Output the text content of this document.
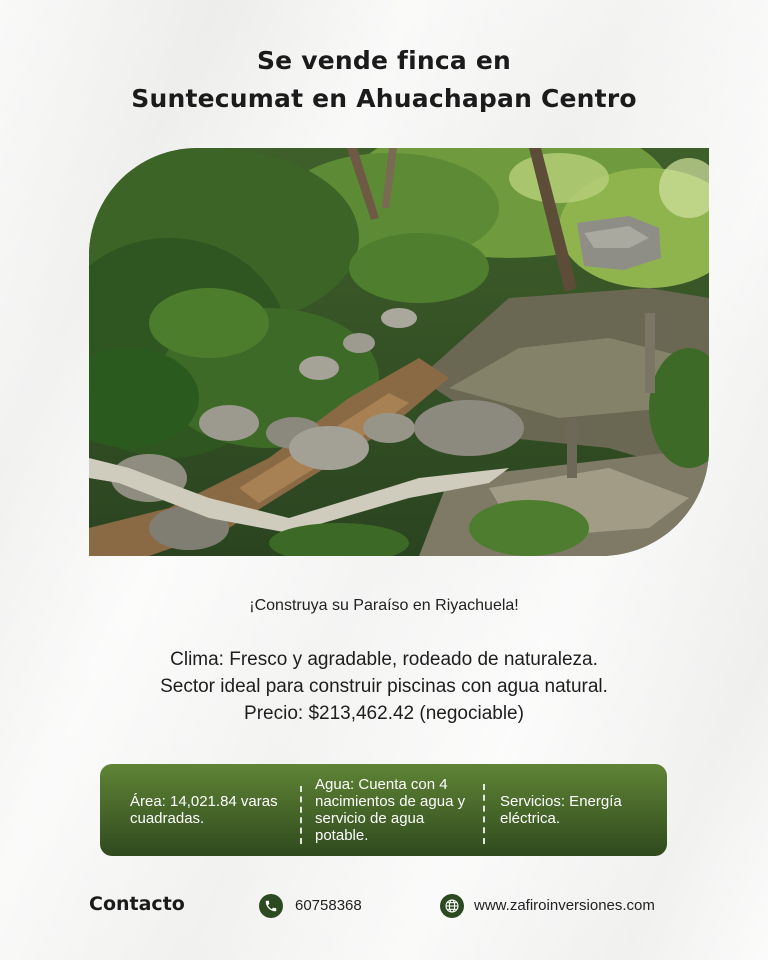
Se vende finca en
Suntecumat en Ahuachapan Centro
¡Construya su Paraíso en Riyachuela!
Clima: Fresco y agradable, rodeado de naturaleza.
Sector ideal para construir piscinas con agua natural.
Precio: $213,462.42 (negociable)
Área: 14,021.84 varas cuadradas.
Agua: Cuenta con 4 nacimientos de agua y servicio de agua potable.
Servicios: Energía eléctrica.
Contacto	60758368	www.zafiroinversiones.com
